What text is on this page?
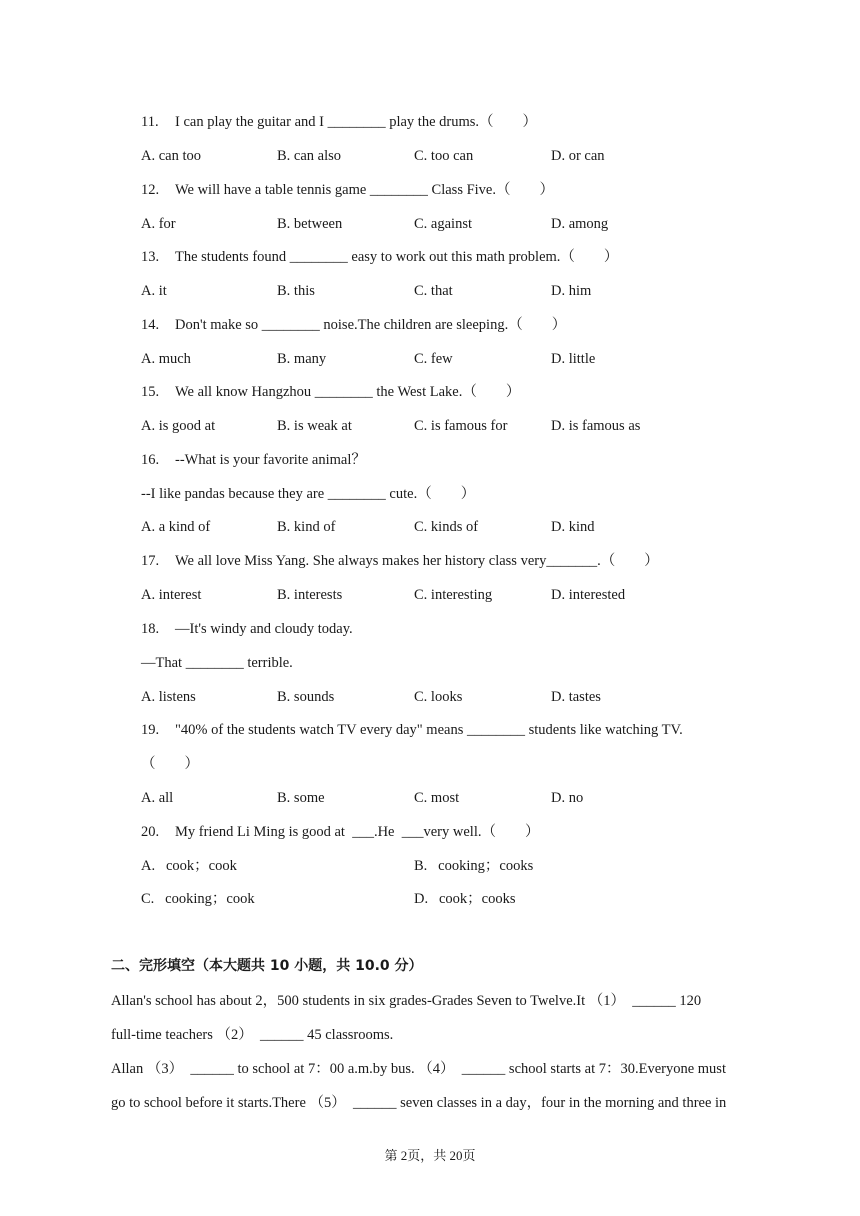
11. I can play the guitar and I ________ play the drums.（　　）
A. can too	B. can also	C. too can	D. or can
12. We will have a table tennis game ________ Class Five.（　　）
A. for	B. between	C. against	D. among
13. The students found ________ easy to work out this math problem.（　　）
A. it	B. this	C. that	D. him
14. Don't make so ________ noise.The children are sleeping.（　　）
A. much	B. many	C. few	D. little
15. We all know Hangzhou ________ the West Lake.（　　）
A. is good at	B. is weak at	C. is famous for	D. is famous as
16. --What is your favorite animal？
--I like pandas because they are ________ cute.（　　）
A. a kind of	B. kind of	C. kinds of	D. kind
17. We all love Miss Yang. She always makes her history class very_______.（　　）
A. interest	B. interests	C. interesting	D. interested
18. —It's windy and cloudy today.
—That ________ terrible.
A. listens	B. sounds	C. looks	D. tastes
19. "40% of the students watch TV every day" means ________ students like watching TV.
（　　）
A. all	B. some	C. most	D. no
20. My friend Li Ming is good at  ___.He  ___very well.（　　）
A.   cook；cook	B.   cooking；cooks
C.   cooking；cook	D.   cook；cooks
二、完形填空（本大题共 10 小题，共 10.0 分）
Allan's school has about 2，500 students in six grades-Grades Seven to Twelve.It （1）  ______ 120
full-time teachers （2）  ______ 45 classrooms.
Allan （3）  ______ to school at 7：00 a.m.by bus. （4）  ______ school starts at 7：30.Everyone must
go to school before it starts.There （5）  ______ seven classes in a day，four in the morning and three in
第 2页，共 20页
